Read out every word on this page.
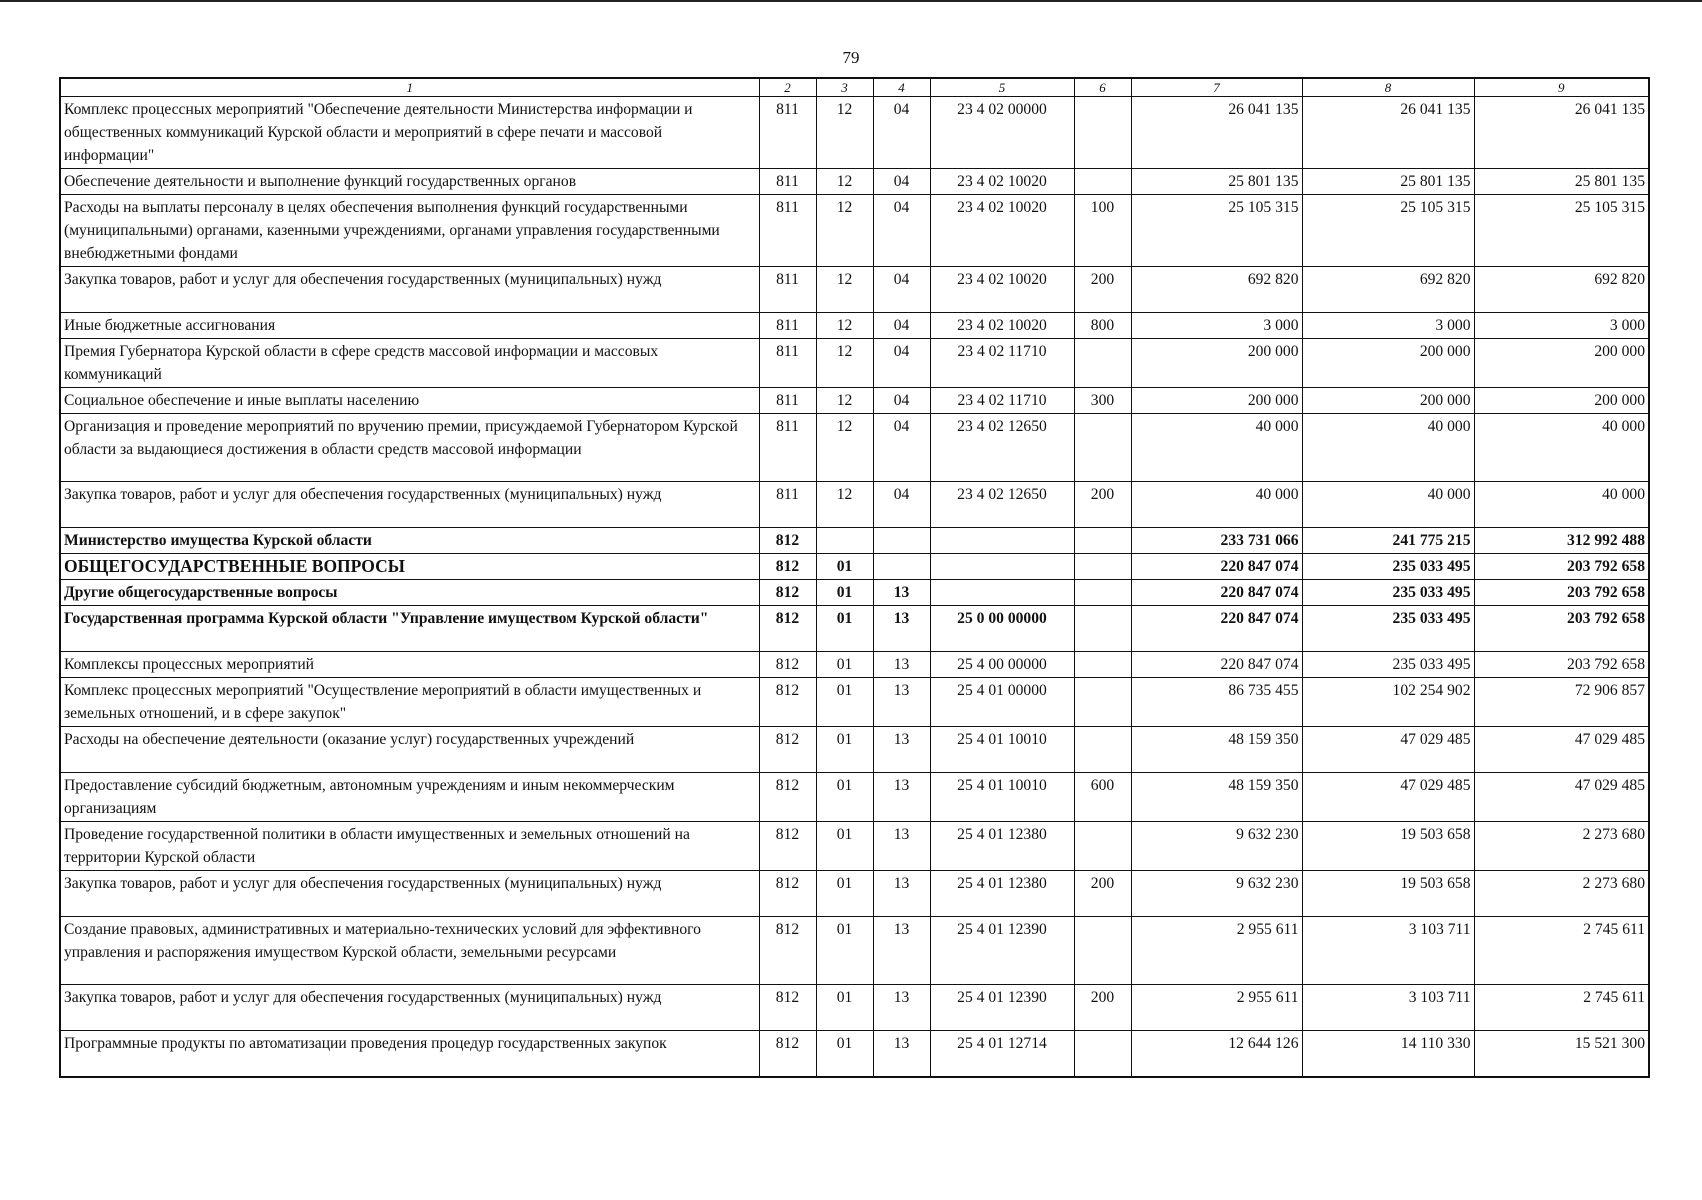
79
1	2	3	4	5	6	7	8	9
Комплекс процессных мероприятий "Обеспечение деятельности Министерства информации и общественных коммуникаций Курской области и мероприятий в сфере печати и массовой информации"	811	12	04	23 4 02 00000		26 041 135	26 041 135	26 041 135
Обеспечение деятельности и выполнение функций государственных органов	811	12	04	23 4 02 10020		25 801 135	25 801 135	25 801 135
Расходы на выплаты персоналу в целях обеспечения выполнения функций государственными (муниципальными) органами, казенными учреждениями, органами управления государственными внебюджетными фондами	811	12	04	23 4 02 10020	100	25 105 315	25 105 315	25 105 315
Закупка товаров, работ и услуг для обеспечения государственных (муниципальных) нужд	811	12	04	23 4 02 10020	200	692 820	692 820	692 820
Иные бюджетные ассигнования	811	12	04	23 4 02 10020	800	3 000	3 000	3 000
Премия Губернатора Курской области в сфере средств массовой информации и массовых коммуникаций	811	12	04	23 4 02 11710		200 000	200 000	200 000
Социальное обеспечение и иные выплаты населению	811	12	04	23 4 02 11710	300	200 000	200 000	200 000
Организация и проведение мероприятий по вручению премии, присуждаемой Губернатором Курской области за выдающиеся достижения в области средств массовой информации	811	12	04	23 4 02 12650		40 000	40 000	40 000
Закупка товаров, работ и услуг для обеспечения государственных (муниципальных) нужд	811	12	04	23 4 02 12650	200	40 000	40 000	40 000
Министерство имущества Курской области	812					233 731 066	241 775 215	312 992 488
ОБЩЕГОСУДАРСТВЕННЫЕ ВОПРОСЫ	812	01				220 847 074	235 033 495	203 792 658
Другие общегосударственные вопросы	812	01	13			220 847 074	235 033 495	203 792 658
Государственная программа Курской области "Управление имуществом Курской области"	812	01	13	25 0 00 00000		220 847 074	235 033 495	203 792 658
Комплексы процессных мероприятий	812	01	13	25 4 00 00000		220 847 074	235 033 495	203 792 658
Комплекс процессных мероприятий "Осуществление мероприятий в области имущественных и земельных отношений, и в сфере закупок"	812	01	13	25 4 01 00000		86 735 455	102 254 902	72 906 857
Расходы на обеспечение деятельности (оказание услуг) государственных учреждений	812	01	13	25 4 01 10010		48 159 350	47 029 485	47 029 485
Предоставление субсидий бюджетным, автономным учреждениям и иным некоммерческим организациям	812	01	13	25 4 01 10010	600	48 159 350	47 029 485	47 029 485
Проведение государственной политики в области имущественных и земельных отношений на территории Курской области	812	01	13	25 4 01 12380		9 632 230	19 503 658	2 273 680
Закупка товаров, работ и услуг для обеспечения государственных (муниципальных) нужд	812	01	13	25 4 01 12380	200	9 632 230	19 503 658	2 273 680
Создание правовых, административных и материально-технических условий для эффективного управления и распоряжения имуществом Курской области, земельными ресурсами	812	01	13	25 4 01 12390		2 955 611	3 103 711	2 745 611
Закупка товаров, работ и услуг для обеспечения государственных (муниципальных) нужд	812	01	13	25 4 01 12390	200	2 955 611	3 103 711	2 745 611
Программные продукты по автоматизации проведения процедур государственных закупок	812	01	13	25 4 01 12714		12 644 126	14 110 330	15 521 300
